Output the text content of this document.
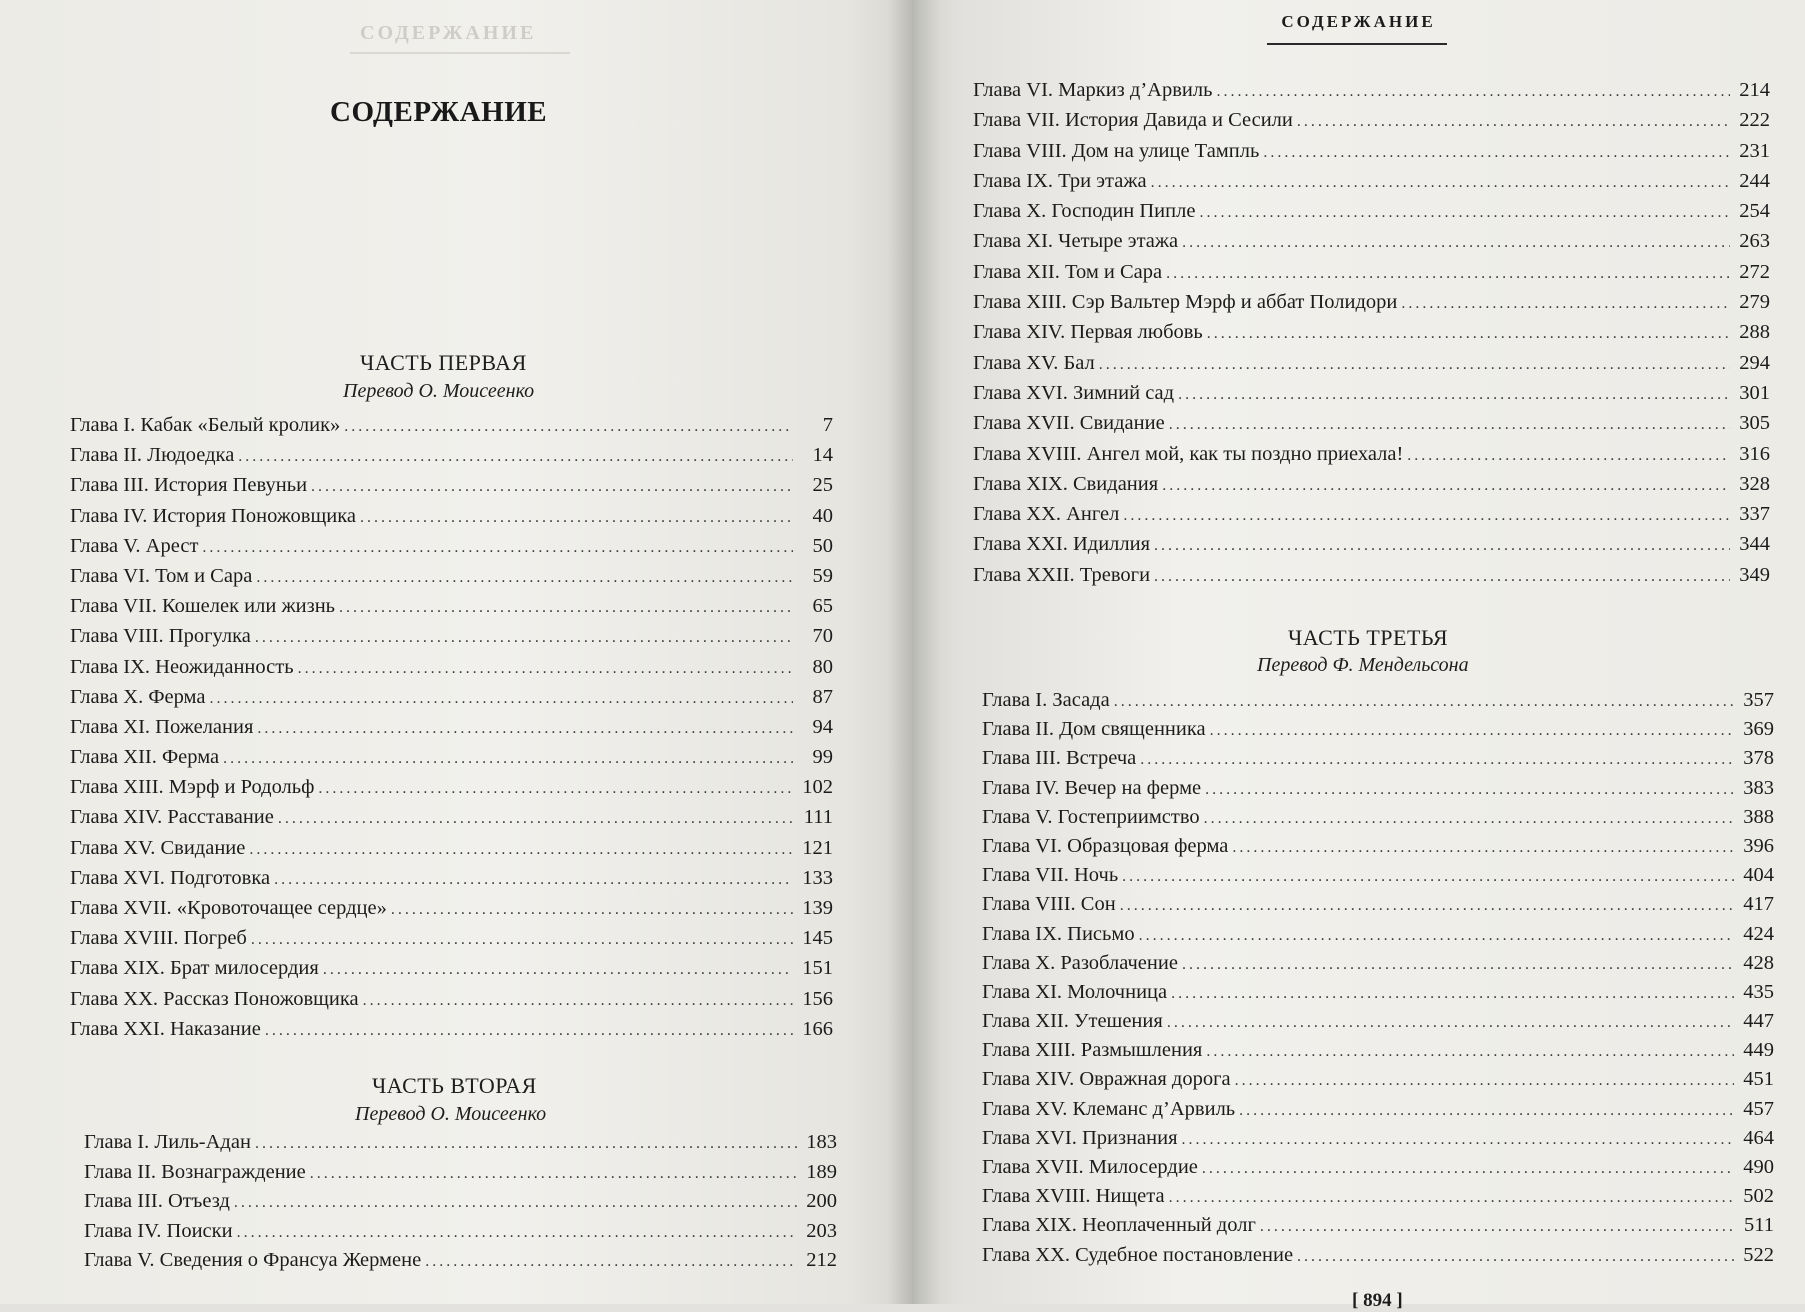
СОДЕРЖАНИЕ
СОДЕРЖАНИЕ
ЧАСТЬ ПЕРВАЯ
Перевод О. Моисеенко
Глава I. Кабак «Белый кролик» .....	7
Глава II. Людоедка .....	14
Глава III. История Певуньи .....	25
Глава IV. История Поножовщика .....	40
Глава V. Арест .....	50
Глава VI. Том и Сара .....	59
Глава VII. Кошелек или жизнь .....	65
Глава VIII. Прогулка .....	70
Глава IX. Неожиданность .....	80
Глава X. Ферма .....	87
Глава XI. Пожелания .....	94
Глава XII. Ферма .....	99
Глава XIII. Мэрф и Родольф .....	102
Глава XIV. Расставание .....	111
Глава XV. Свидание .....	121
Глава XVI. Подготовка .....	133
Глава XVII. «Кровоточащее сердце» .....	139
Глава XVIII. Погреб .....	145
Глава XIX. Брат милосердия .....	151
Глава XX. Рассказ Поножовщика .....	156
Глава XXI. Наказание .....	166
ЧАСТЬ ВТОРАЯ
Перевод О. Моисеенко
Глава I. Лиль-Адан .....	183
Глава II. Вознаграждение .....	189
Глава III. Отъезд .....	200
Глава IV. Поиски .....	203
Глава V. Сведения о Франсуа Жермене .....	212
СОДЕРЖАНИЕ
Глава VI. Маркиз д’Арвиль .....	214
Глава VII. История Давида и Сесили .....	222
Глава VIII. Дом на улице Тампль .....	231
Глава IX. Три этажа .....	244
Глава X. Господин Пипле .....	254
Глава XI. Четыре этажа .....	263
Глава XII. Том и Сара .....	272
Глава XIII. Сэр Вальтер Мэрф и аббат Полидори .....	279
Глава XIV. Первая любовь .....	288
Глава XV. Бал .....	294
Глава XVI. Зимний сад .....	301
Глава XVII. Свидание .....	305
Глава XVIII. Ангел мой, как ты поздно приехала! .....	316
Глава XIX. Свидания .....	328
Глава XX. Ангел .....	337
Глава XXI. Идиллия .....	344
Глава XXII. Тревоги .....	349
ЧАСТЬ ТРЕТЬЯ
Перевод Ф. Мендельсона
Глава I. Засада .....	357
Глава II. Дом священника .....	369
Глава III. Встреча .....	378
Глава IV. Вечер на ферме .....	383
Глава V. Гостеприимство .....	388
Глава VI. Образцовая ферма .....	396
Глава VII. Ночь .....	404
Глава VIII. Сон .....	417
Глава IX. Письмо .....	424
Глава X. Разоблачение .....	428
Глава XI. Молочница .....	435
Глава XII. Утешения .....	447
Глава XIII. Размышления .....	449
Глава XIV. Овражная дорога .....	451
Глава XV. Клеманс д’Арвиль .....	457
Глава XVI. Признания .....	464
Глава XVII. Милосердие .....	490
Глава XVIII. Нищета .....	502
Глава XIX. Неоплаченный долг .....	511
Глава XX. Судебное постановление .....	522
[ 894 ]
